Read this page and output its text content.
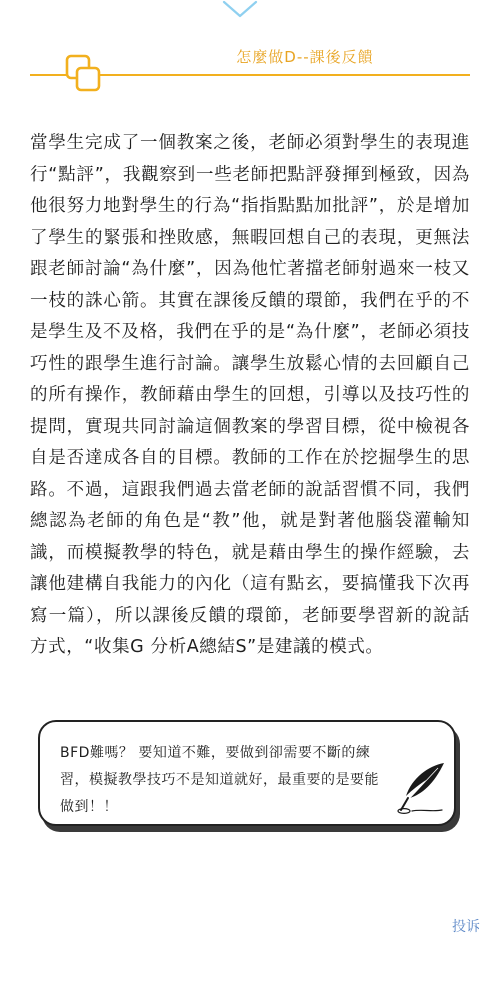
怎麼做D--課後反饋

當學生完成了一個教案之後，老師必須對學生的表現進行“點評”，我觀察到一些老師把點評發揮到極致，因為他很努力地對學生的行為“指指點點加批評”，於是增加了學生的緊張和挫敗感，無暇回想自己的表現，更無法跟老師討論“為什麼”，因為他忙著擋老師射過來一枝又一枝的誅心箭。其實在課後反饋的環節，我們在乎的不是學生及不及格，我們在乎的是“為什麼”，老師必須技巧性的跟學生進行討論。讓學生放鬆心情的去回顧自己的所有操作，教師藉由學生的回想，引導以及技巧性的提問，實現共同討論這個教案的學習目標，從中檢視各自是否達成各自的目標。教師的工作在於挖掘學生的思路。不過，這跟我們過去當老師的說話習慣不同，我們總認為老師的角色是“教”他，就是對著他腦袋灌輸知識，而模擬教學的特色，就是藉由學生的操作經驗，去讓他建構自我能力的內化（這有點玄，要搞懂我下次再寫一篇），所以課後反饋的環節，老師要學習新的說話方式，“收集G 分析A總結S”是建議的模式。

BFD難嗎？ 要知道不難，要做到卻需要不斷的練習，模擬教學技巧不是知道就好，最重要的是要能做到！！

投诉
